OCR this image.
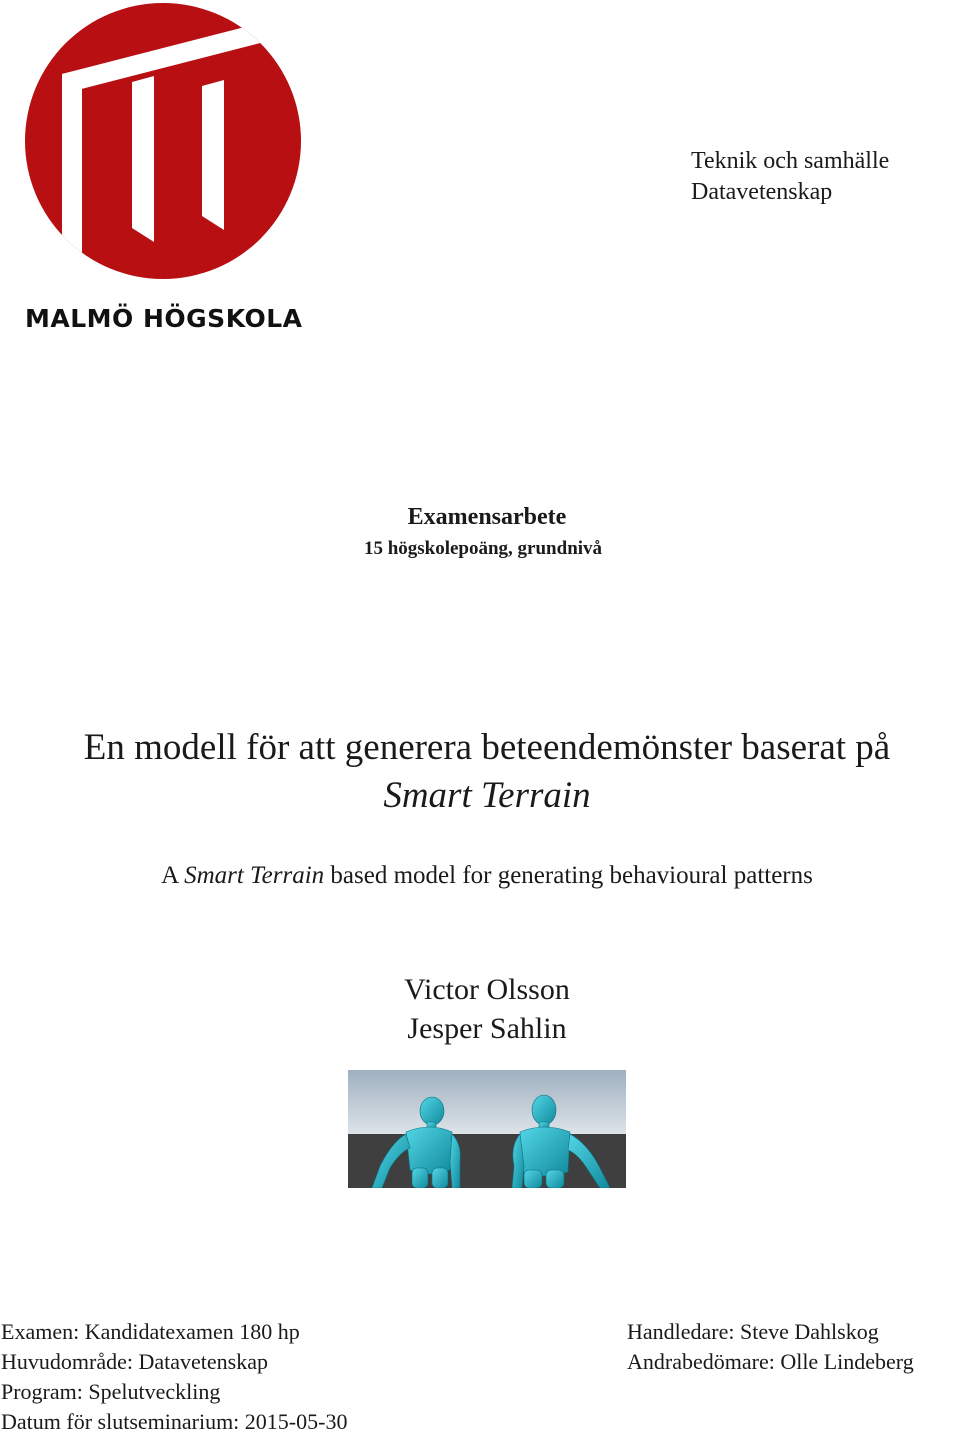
MALMÖ HÖGSKOLA
Teknik och samhälle
Datavetenskap
Examensarbete
15 högskolepoäng, grundnivå
En modell för att generera beteendemönster baserat på
Smart Terrain
A Smart Terrain based model for generating behavioural patterns
Victor Olsson
Jesper Sahlin
Examen: Kandidatexamen 180 hp
Huvudområde: Datavetenskap
Program: Spelutveckling
Datum för slutseminarium: 2015-05-30
Handledare: Steve Dahlskog
Andrabedömare: Olle Lindeberg
